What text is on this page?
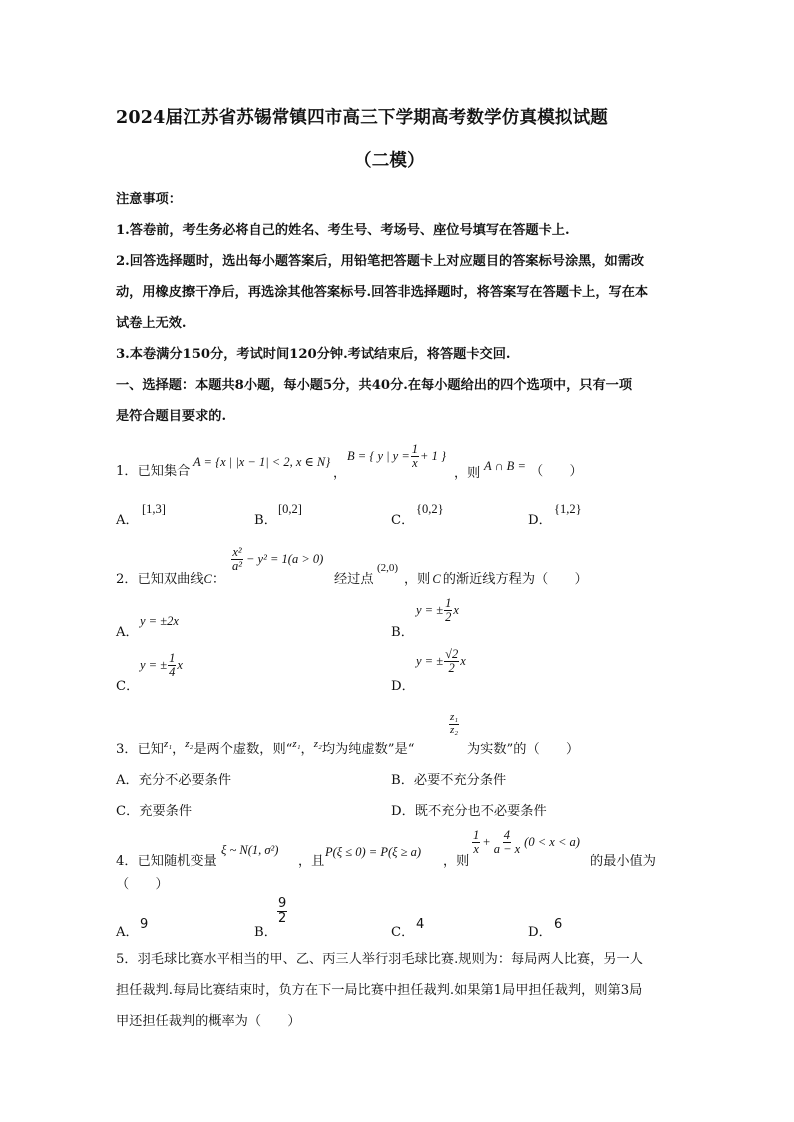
2024届江苏省苏锡常镇四市高三下学期高考数学仿真模拟试题
（二模）
注意事项：
1.答卷前，考生务必将自己的姓名、考生号、考场号、座位号填写在答题卡上.
2.回答选择题时，选出每小题答案后，用铅笔把答题卡上对应题目的答案标号涂黑，如需改
动，用橡皮擦干净后，再选涂其他答案标号.回答非选择题时，将答案写在答题卡上，写在本
试卷上无效.
3.本卷满分150分，考试时间120分钟.考试结束后，将答题卡交回.
一、选择题：本题共8小题，每小题5分，共40分.在每小题给出的四个选项中，只有一项
是符合题目要求的.
1．已知集合
A = {x | |x − 1| < 2, x ∈ N}
，
B = { y | $y = \frac{1}{x} + 1$ }
，则 A ∩ B = （　　）
A．
[1,3]
B．
[0,2]
C．
{0,2}
D．
{1,2}
2．已知双曲线 C ：
$\frac{\text{x²}}{\text{a²}} - y^2 = 1(a > 0)$
经过点
(2,0)
，则 C 的渐近线方程为（　　）
A．
y = ±2x
B．
y = ± $\frac{1}{2}$ x
C．
y = ± $\frac{1}{4}$ x
D．
y = ± $\frac{√2}{2}$ x
3．已知 z₁ ， z₂ 是两个虚数，则“ z₁ ， z₂ 均为纯虚数”是“
$\frac{\text{z₁}}{\text{z₂}}$
为实数”的（　　）
A．充分不必要条件	B．必要不充分条件
C．充要条件	D．既不充分也不必要条件
4．已知随机变量
ξ ~ N(1, σ²)
，且
P(ξ ≤ 0) = P(ξ ≥ a)
，则
$\frac{1}{x} + \frac{4}{a - x} (0 < x < a)$
的最小值为
（　　）
A．
9
B．
$\frac{9}{2}$
C．
4
D．
6
5．羽毛球比赛水平相当的甲、乙、丙三人举行羽毛球比赛.规则为：每局两人比赛，另一人
担任裁判.每局比赛结束时，负方在下一局比赛中担任裁判.如果第1局甲担任裁判，则第3局
甲还担任裁判的概率为（　　）
